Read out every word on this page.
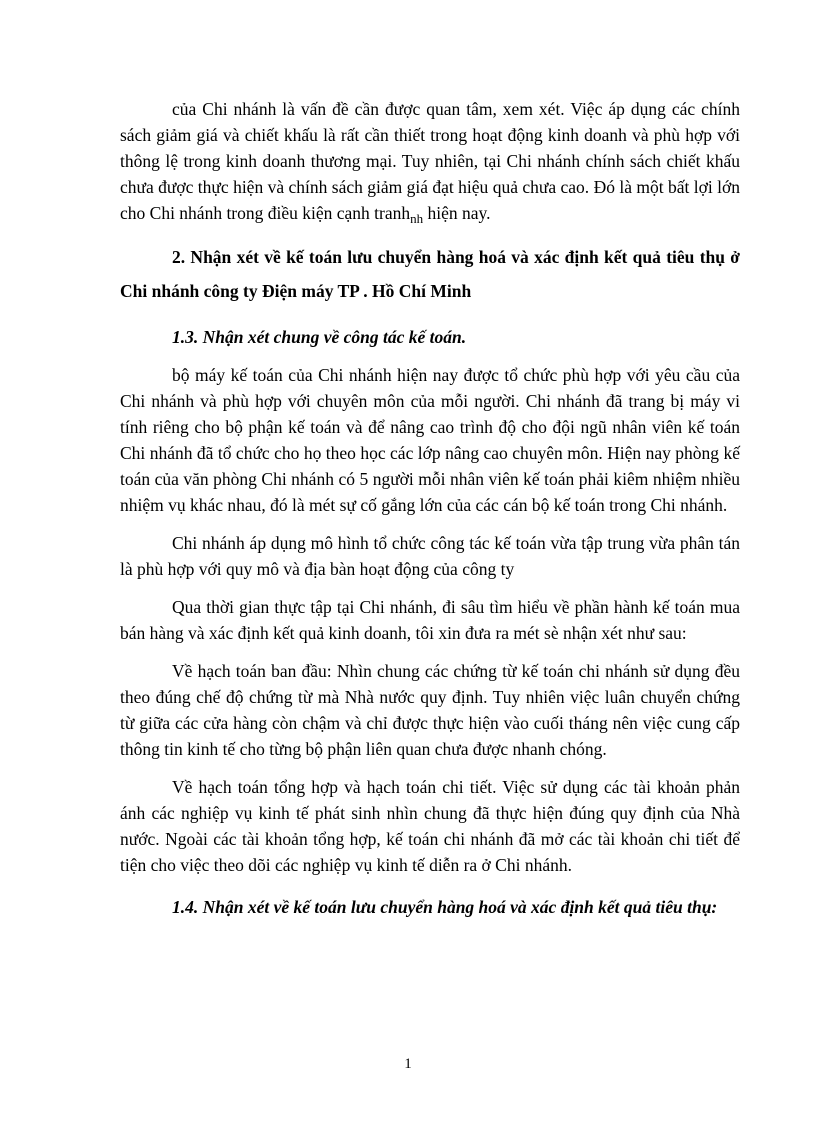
của Chi nhánh là vấn đề cần được quan tâm, xem xét. Việc áp dụng các chính sách giảm giá và chiết khấu là rất cần thiết trong hoạt động kinh doanh và phù hợp với thông lệ trong kinh doanh thương mại. Tuy nhiên, tại Chi nhánh chính sách chiết khấu chưa được thực hiện và chính sách giảm giá đạt hiệu quả chưa cao. Đó là một bất lợi lớn cho Chi nhánh trong điều kiện cạnh tranh$_{nh}$ hiện nay.

2. Nhận xét về kế toán lưu chuyển hàng hoá và xác định kết quả tiêu thụ ở Chi nhánh công ty Điện máy TP . Hồ Chí Minh

1.3. Nhận xét chung về công tác kế toán.

bộ máy kế toán của Chi nhánh hiện nay được tổ chức phù hợp với yêu cầu của Chi nhánh và phù hợp với chuyên môn của mỗi người. Chi nhánh đã trang bị máy vi tính riêng cho bộ phận kế toán và để nâng cao trình độ cho đội ngũ nhân viên kế toán Chi nhánh đã tổ chức cho họ theo học các lớp nâng cao chuyên môn. Hiện nay phòng kế toán của văn phòng Chi nhánh có 5 người mỗi nhân viên kế toán phải kiêm nhiệm nhiều nhiệm vụ khác nhau, đó là mét sự cố gắng lớn của các cán bộ kế toán trong Chi nhánh.

Chi nhánh áp dụng mô hình tổ chức công tác kế toán vừa tập trung vừa phân tán là phù hợp với quy mô và địa bàn hoạt động của công ty

Qua thời gian thực tập tại Chi nhánh, đi sâu tìm hiểu về phần hành kế toán mua bán hàng và xác định kết quả kinh doanh, tôi xin đưa ra mét sè nhận xét như sau:

Về hạch toán ban đầu: Nhìn chung các chứng từ kế toán chi nhánh sử dụng đều theo đúng chế độ chứng từ mà Nhà nước quy định. Tuy nhiên việc luân chuyển chứng từ giữa các cửa hàng còn chậm và chỉ được thực hiện vào cuối tháng nên việc cung cấp thông tin kinh tế cho từng bộ phận liên quan chưa được nhanh chóng.

Về hạch toán tổng hợp và hạch toán chi tiết. Việc sử dụng các tài khoản phản ánh các nghiệp vụ kinh tế phát sinh nhìn chung đã thực hiện đúng quy định của Nhà nước. Ngoài các tài khoản tổng hợp, kế toán chi nhánh đã mở các tài khoản chi tiết để tiện cho việc theo dõi các nghiệp vụ kinh tế diễn ra ở Chi nhánh.

1.4. Nhận xét về kế toán lưu chuyển hàng hoá và xác định kết quả tiêu thụ:

1
